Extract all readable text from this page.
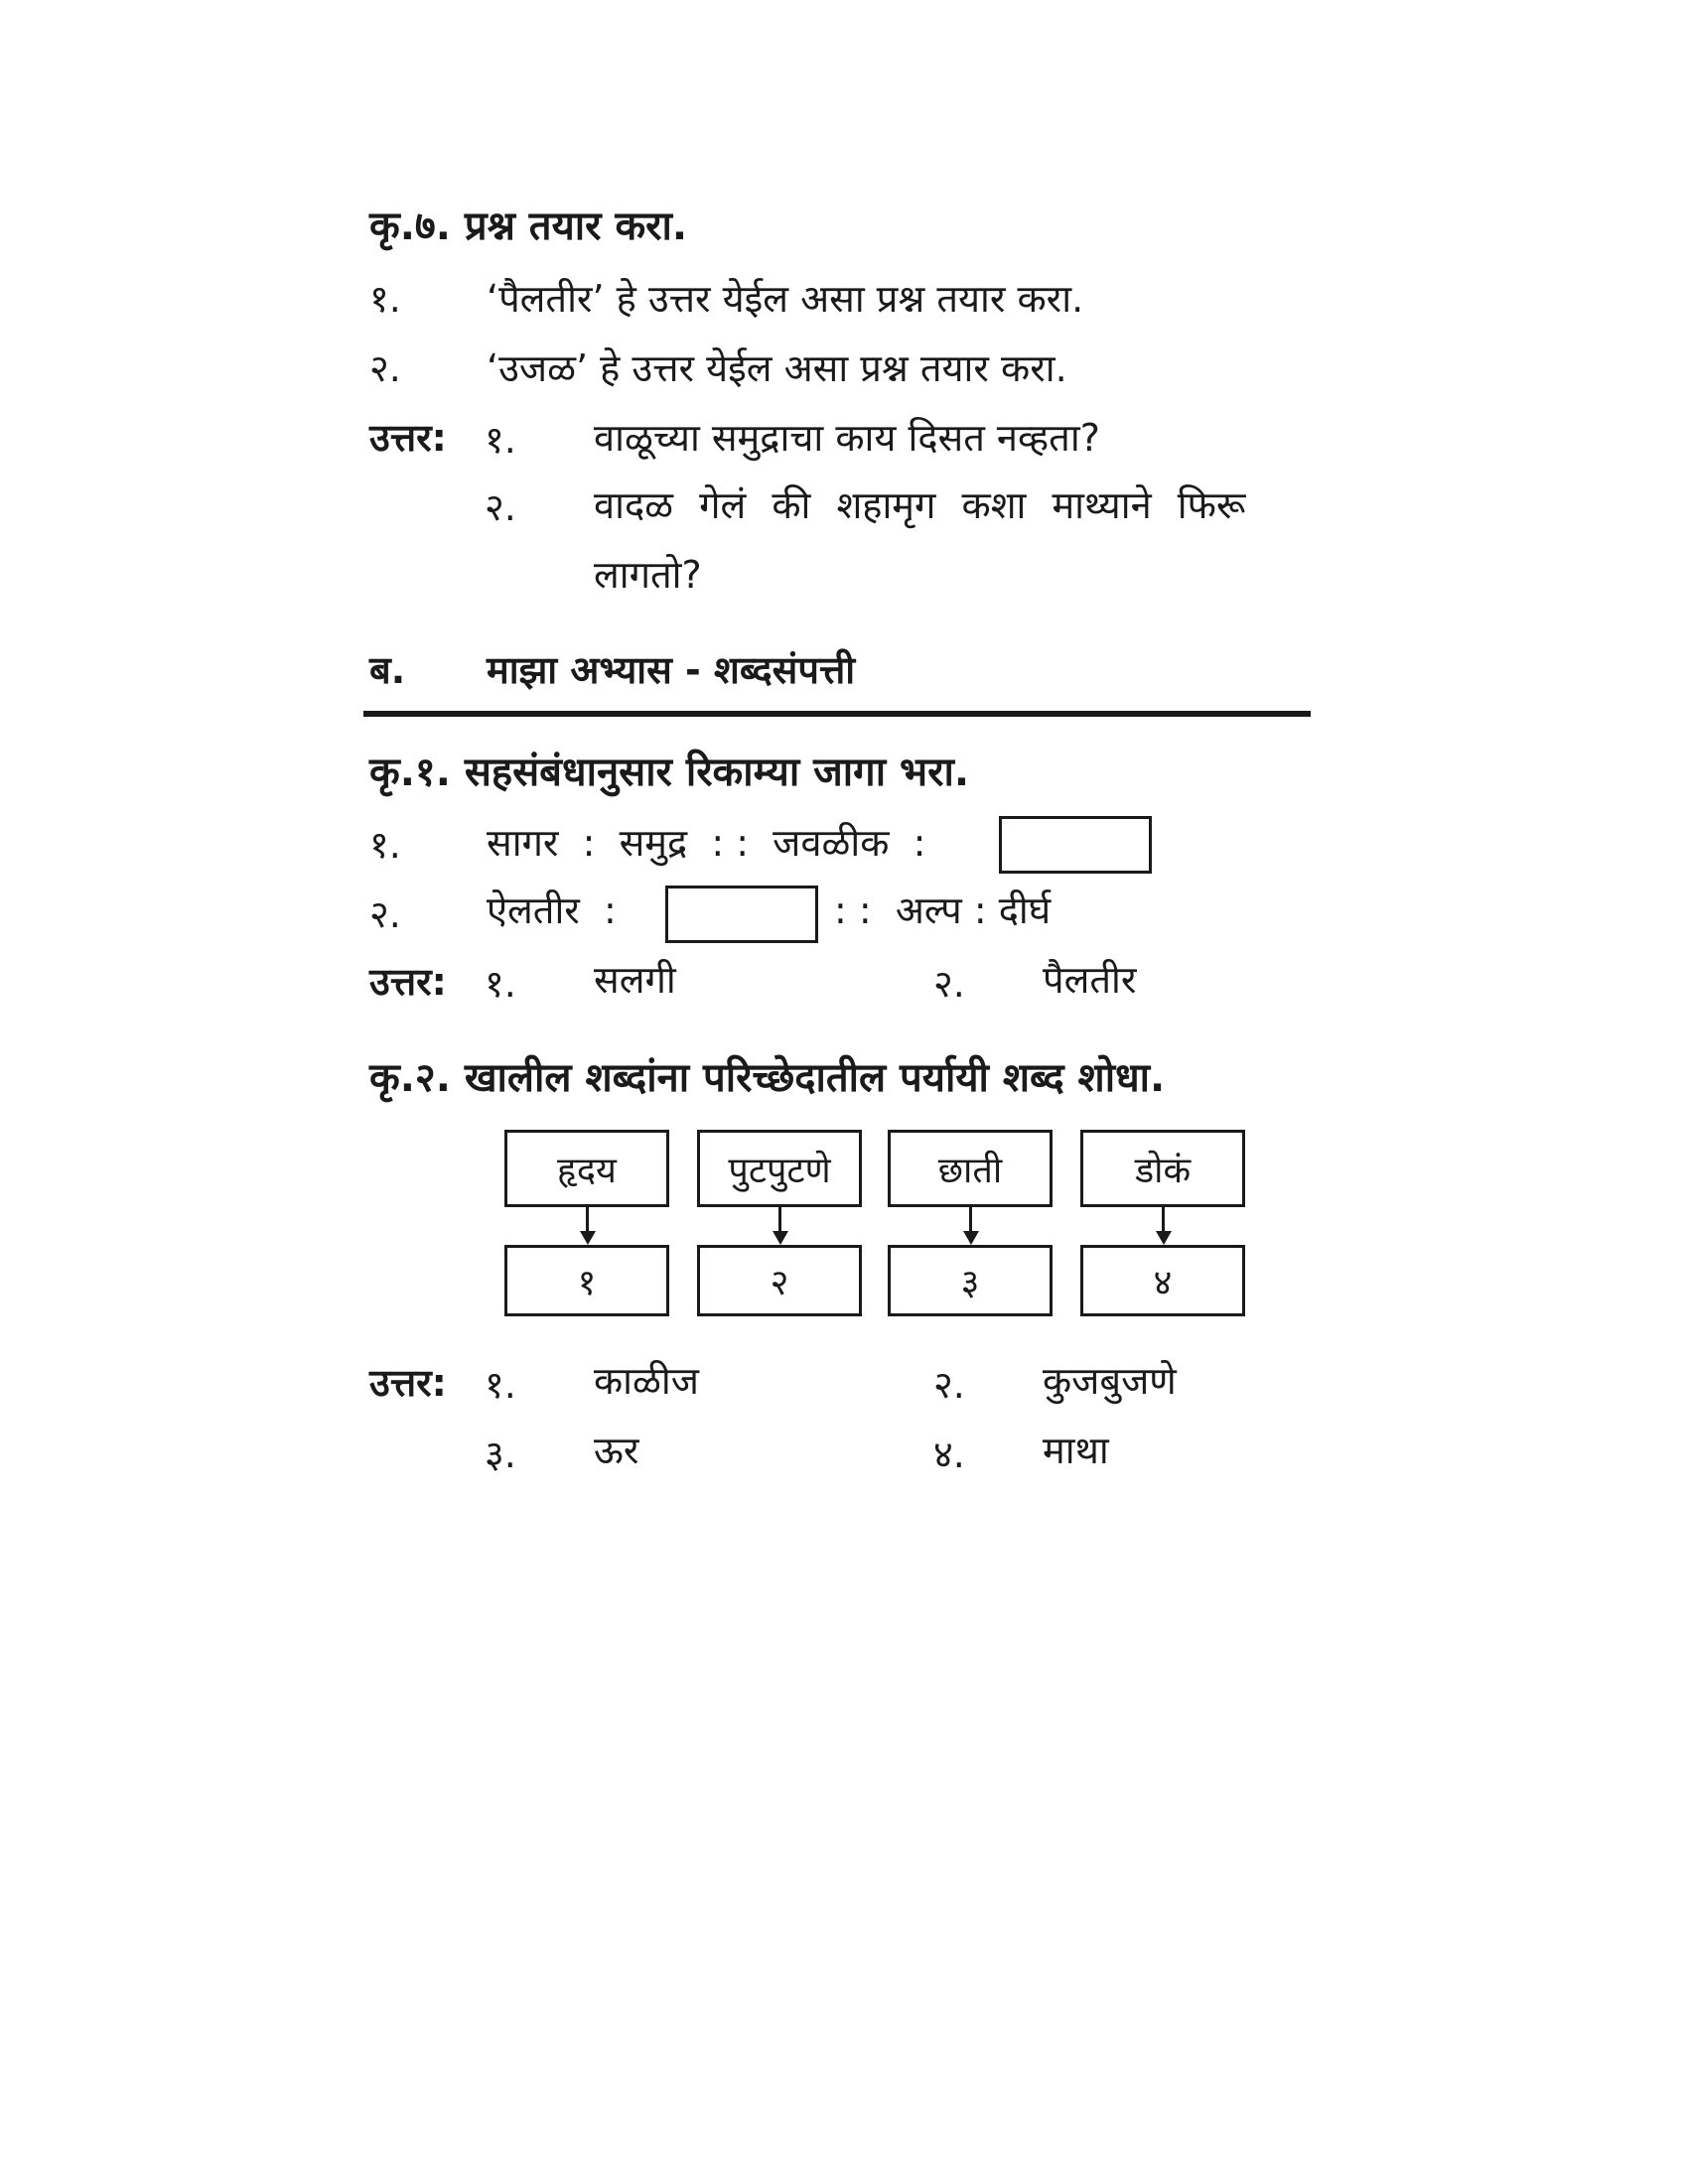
कृ.७. प्रश्न तयार करा.
१. ‘पैलतीर’ हे उत्तर येईल असा प्रश्न तयार करा.
२. ‘उजळ’ हे उत्तर येईल असा प्रश्न तयार करा.
उत्तर: १. वाळूच्या समुद्राचा काय दिसत नव्हता?
२. वादळ गेलं की शहामृग कशा माथ्याने फिरू
लागतो?
ब. माझा अभ्यास - शब्दसंपत्ती
कृ.१. सहसंबंधानुसार रिकाम्या जागा भरा.
१. सागर  :  समुद्र  : :  जवळीक  :
२. ऐलतीर  :	: :  अल्प : दीर्घ
उत्तर: १. सलगी	२. पैलतीर
कृ.२. खालील शब्दांना परिच्छेदातील पर्यायी शब्द शोधा.
हृदय	पुटपुटणे	छाती	डोकं
१	२	३	४
उत्तर: १. काळीज	२. कुजबुजणे
३. ऊर	४. माथा
